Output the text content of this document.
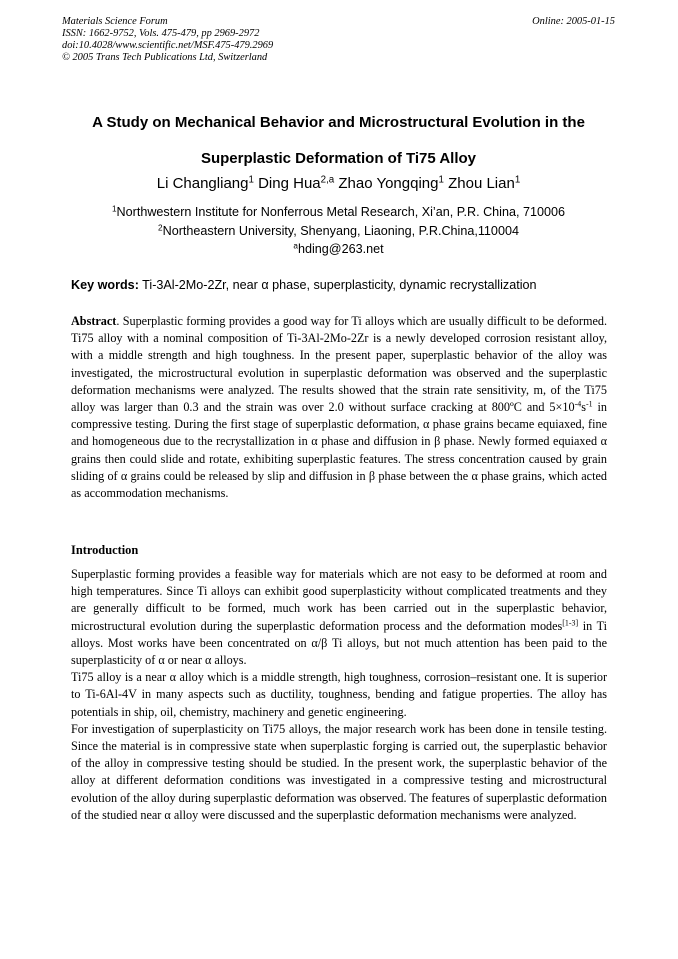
Materials Science Forum
ISSN: 1662-9752, Vols. 475-479, pp 2969-2972
doi:10.4028/www.scientific.net/MSF.475-479.2969
© 2005 Trans Tech Publications Ltd, Switzerland
Online: 2005-01-15
A Study on Mechanical Behavior and Microstructural Evolution in the
Superplastic Deformation of Ti75 Alloy
Li Changliang$^1$ Ding Hua$^{2,a}$ Zhao Yongqing$^1$ Zhou Lian$^1$
$^1$Northwestern Institute for Nonferrous Metal Research, Xi’an, P.R. China, 710006
$^2$Northeastern University, Shenyang, Liaoning, P.R.China,110004
$^a$hding@263.net
Key words: Ti-3Al-2Mo-2Zr, near α phase, superplasticity, dynamic recrystallization
Abstract. Superplastic forming provides a good way for Ti alloys which are usually difficult to be deformed. Ti75 alloy with a nominal composition of Ti-3Al-2Mo-2Zr is a newly developed corrosion resistant alloy, with a middle strength and high toughness. In the present paper, superplastic behavior of the alloy was investigated, the microstructural evolution in superplastic deformation was observed and the superplastic deformation mechanisms were analyzed. The results showed that the strain rate sensitivity, m, of the Ti75 alloy was larger than 0.3 and the strain was over 2.0 without surface cracking at 800ºC and $5\times 10^{-4}s^{-1}$ in compressive testing. During the first stage of superplastic deformation, α phase grains became equiaxed, fine and homogeneous due to the recrystallization in α phase and diffusion in β phase. Newly formed equiaxed α grains then could slide and rotate, exhibiting superplastic features. The stress concentration caused by grain sliding of α grains could be released by slip and diffusion in β phase between the α phase grains, which acted as accommodation mechanisms.
Introduction

Superplastic forming provides a feasible way for materials which are not easy to be deformed at room and high temperatures. Since Ti alloys can exhibit good superplasticity without complicated treatments and they are generally difficult to be formed, much work has been carried out in the superplastic behavior, microstructural evolution during the superplastic deformation process and the deformation modes[1-3] in Ti alloys. Most works have been concentrated on α/β Ti alloys, but not much attention has been paid to the superplasticity of α or near α alloys.

Ti75 alloy is a near α alloy which is a middle strength, high toughness, corrosion–resistant one. It is superior to Ti-6Al-4V in many aspects such as ductility, toughness, bending and fatigue properties. The alloy has potentials in ship, oil, chemistry, machinery and genetic engineering.

For investigation of superplasticity on Ti75 alloys, the major research work has been done in tensile testing. Since the material is in compressive state when superplastic forging is carried out, the superplastic behavior of the alloy in compressive testing should be studied. In the present work, the superplastic behavior of the alloy at different deformation conditions was investigated in a compressive testing and microstructural evolution of the alloy during superplastic deformation was observed. The features of superplastic deformation of the studied near α alloy were discussed and the superplastic deformation mechanisms were analyzed.
